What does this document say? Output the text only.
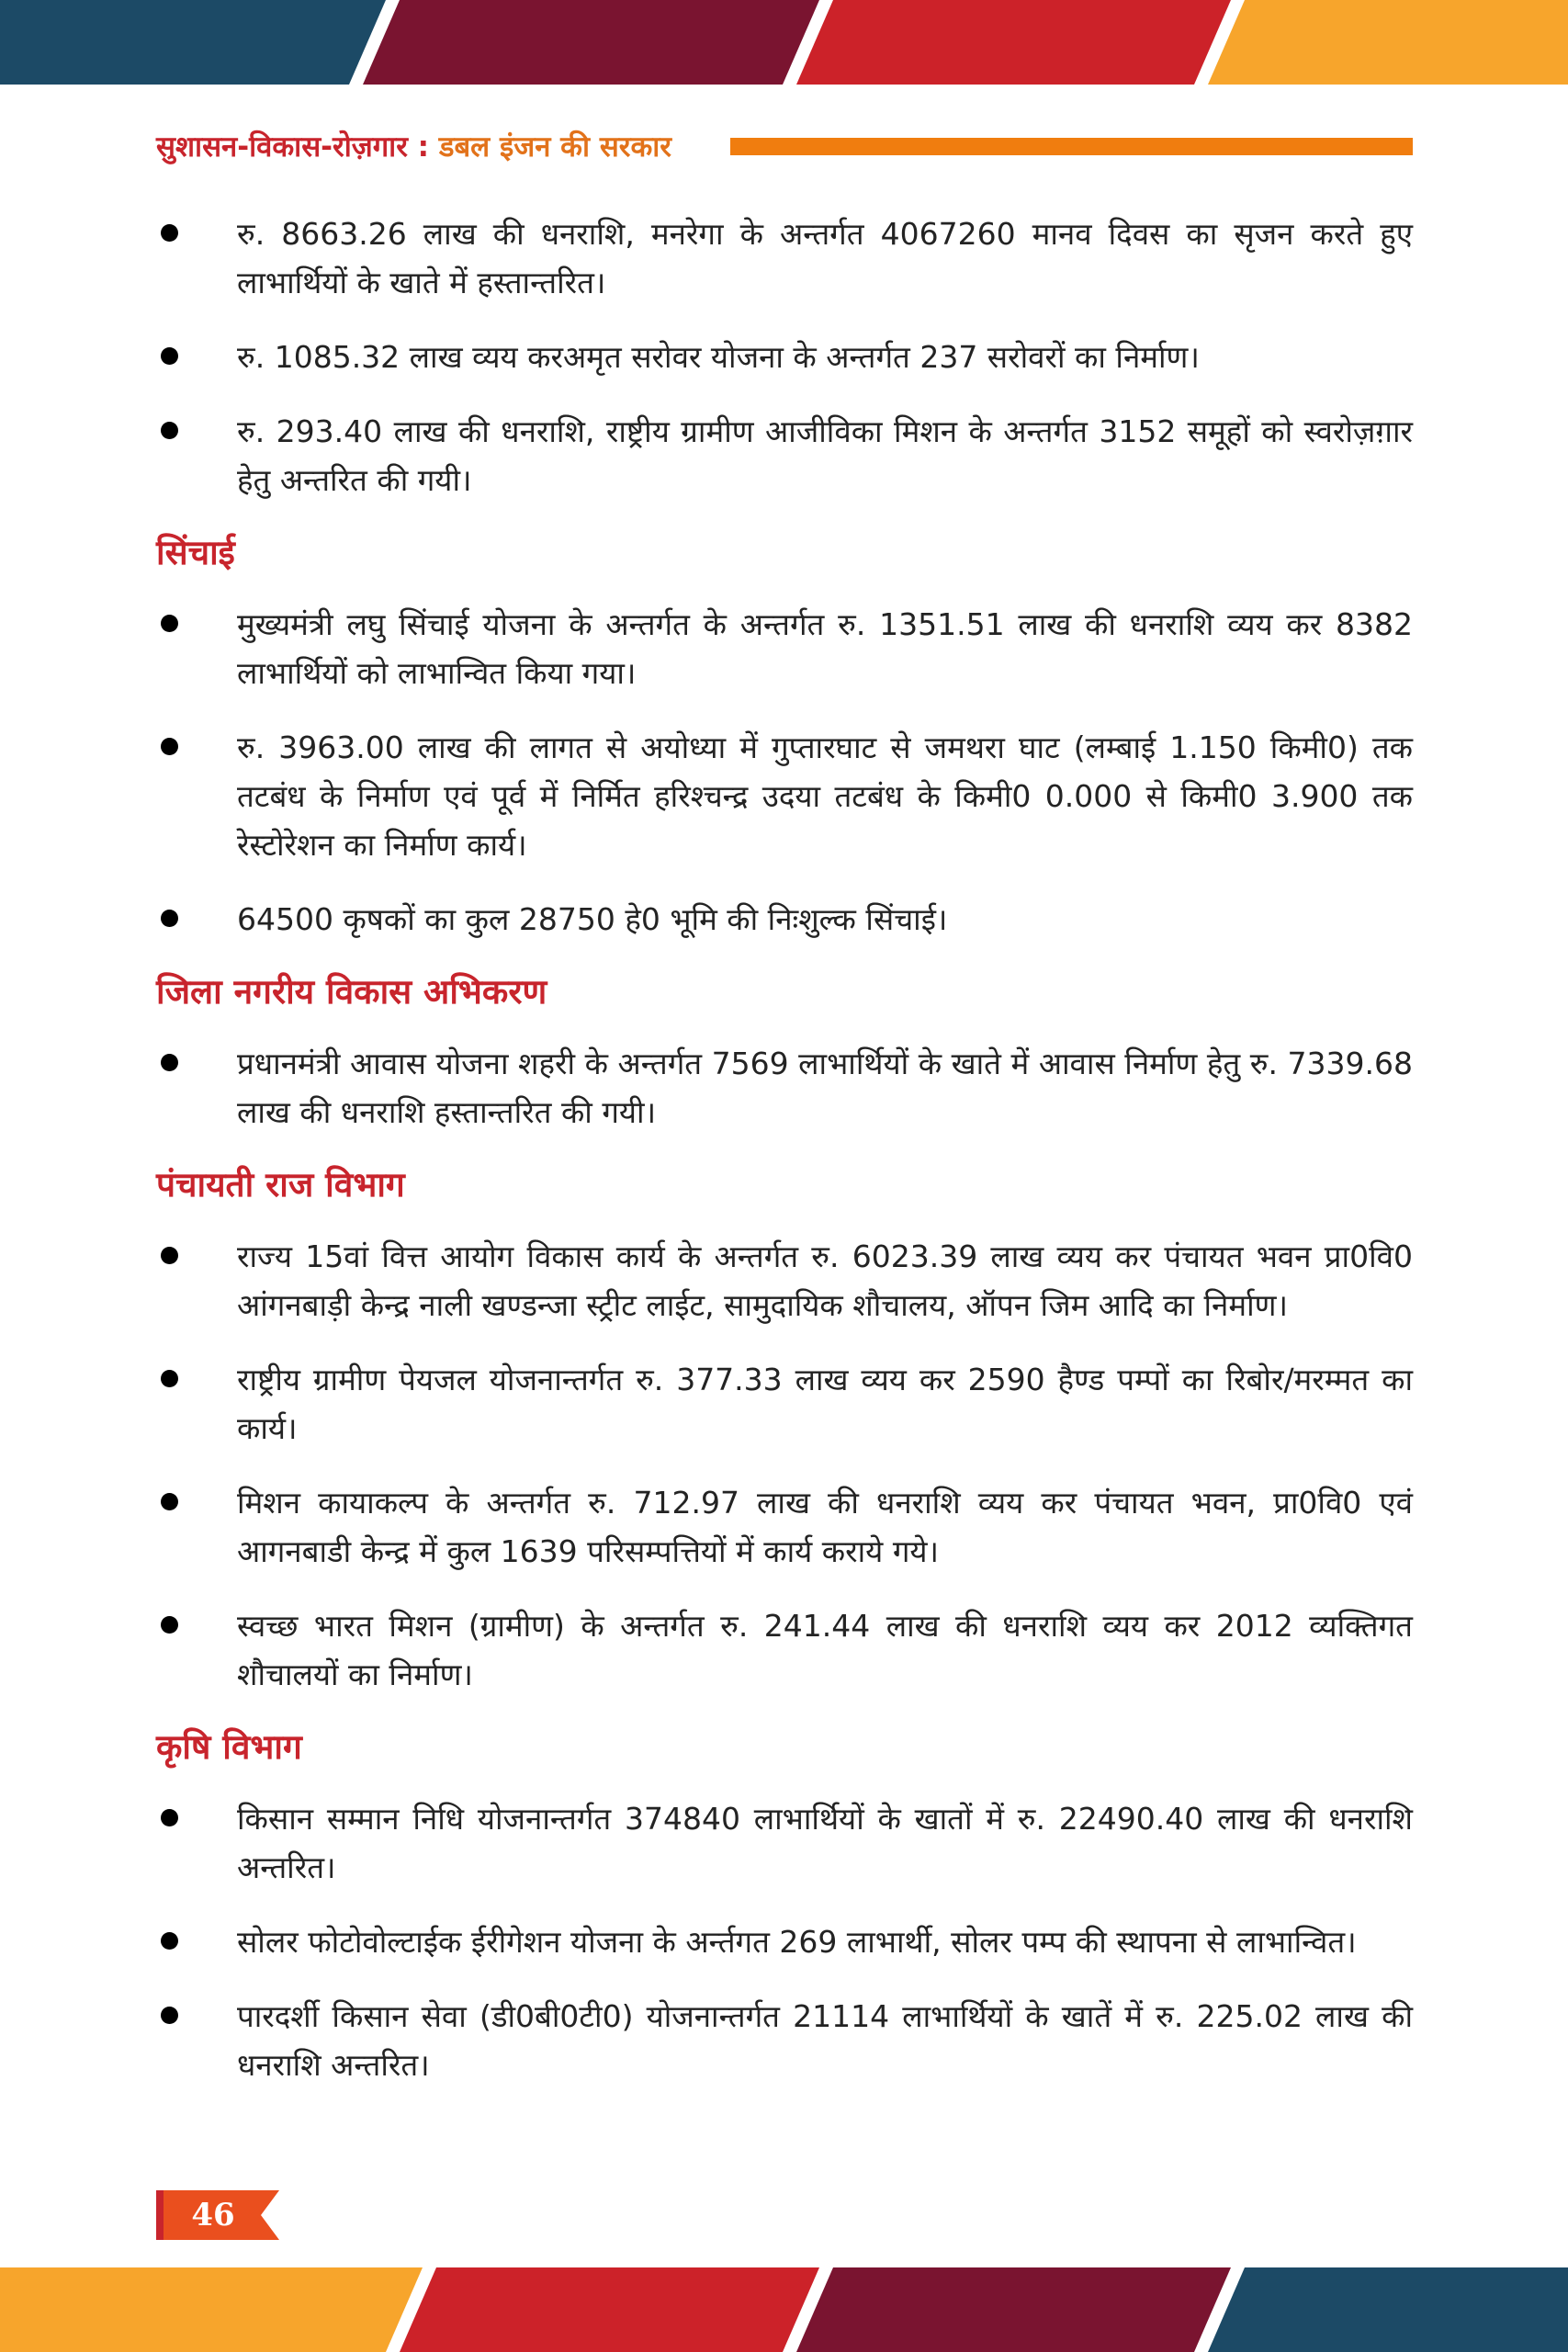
सुशासन-विकास-रोज़गार : डबल इंजन की सरकार
रु. 8663.26 लाख की धनराशि, मनरेगा के अन्तर्गत 4067260 मानव दिवस का सृजन करते हुए लाभार्थियों के खाते में हस्तान्तरित।
रु. 1085.32 लाख व्यय करअमृत सरोवर योजना के अन्तर्गत 237 सरोवरों का निर्माण।
रु. 293.40 लाख की धनराशि, राष्ट्रीय ग्रामीण आजीविका मिशन के अन्तर्गत 3152 समूहों को स्वरोज़ग़ार हेतु अन्तरित की गयी।
सिंचाई
मुख्यमंत्री लघु सिंचाई योजना के अन्तर्गत के अन्तर्गत रु. 1351.51 लाख की धनराशि व्यय कर 8382 लाभार्थियों को लाभान्वित किया गया।
रु. 3963.00 लाख की लागत से अयोध्या में गुप्तारघाट से जमथरा घाट (लम्बाई 1.150 किमी0) तक तटबंध के निर्माण एवं पूर्व में निर्मित हरिश्चन्द्र उदया तटबंध के किमी0 0.000 से किमी0 3.900 तक रेस्टोरेशन का निर्माण कार्य।
64500 कृषकों का कुल 28750 हे0 भूमि की निःशुल्क सिंचाई।
जिला नगरीय विकास अभिकरण
प्रधानमंत्री आवास योजना शहरी के अन्तर्गत 7569 लाभार्थियों के खाते में आवास निर्माण हेतु रु. 7339.68 लाख की धनराशि हस्तान्तरित की गयी।
पंचायती राज विभाग
राज्य 15वां वित्त आयोग विकास कार्य के अन्तर्गत रु. 6023.39 लाख व्यय कर पंचायत भवन प्रा0वि0 आंगनबाड़ी केन्द्र नाली खण्डन्जा स्ट्रीट लाईट, सामुदायिक शौचालय, ऑपन जिम आदि का निर्माण।
राष्ट्रीय ग्रामीण पेयजल योजनान्तर्गत रु. 377.33 लाख व्यय कर 2590 हैण्ड पम्पों का रिबोर/मरम्मत का कार्य।
मिशन कायाकल्प के अन्तर्गत रु. 712.97 लाख की धनराशि व्यय कर पंचायत भवन, प्रा0वि0 एवं आगनबाडी केन्द्र में कुल 1639 परिसम्पत्तियों में कार्य कराये गये।
स्वच्छ भारत मिशन (ग्रामीण) के अन्तर्गत रु. 241.44 लाख की धनराशि व्यय कर 2012 व्यक्तिगत शौचालयों का निर्माण।
कृषि विभाग
किसान सम्मान निधि योजनान्तर्गत 374840 लाभार्थियों के खातों में रु. 22490.40 लाख की धनराशि अन्तरित।
सोलर फोटोवोल्टाईक ईरीगेशन योजना के अर्न्तगत 269 लाभार्थी, सोलर पम्प की स्थापना से लाभान्वित।
पारदर्शी किसान सेवा (डी0बी0टी0) योजनान्तर्गत 21114 लाभार्थियों के खातें में रु. 225.02 लाख की धनराशि अन्तरित।
46
